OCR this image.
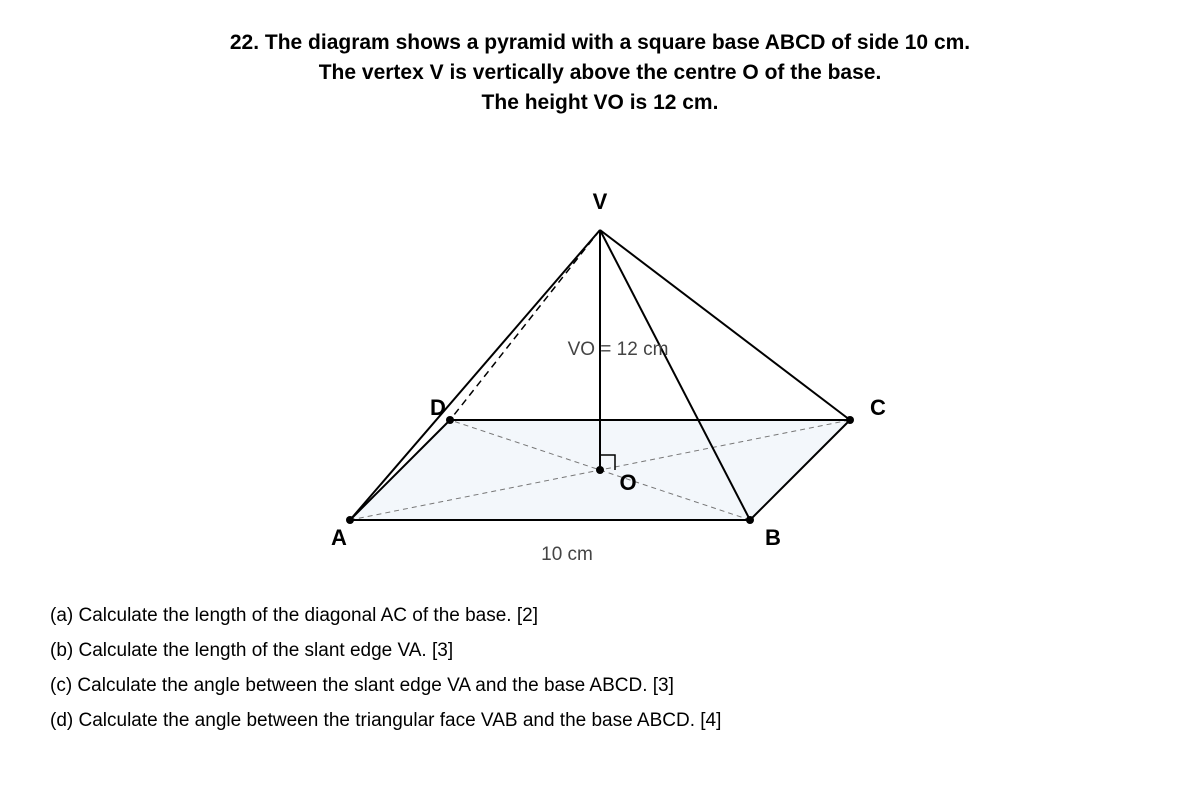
22. The diagram shows a pyramid with a square base ABCD of side 10 cm.
The vertex V is vertically above the centre O of the base.
The height VO is 12 cm.
V
A	B
C
D
O
VO = 12 cm
10 cm
(a) Calculate the length of the diagonal AC of the base. [2]
(b) Calculate the length of the slant edge VA. [3]
(c) Calculate the angle between the slant edge VA and the base ABCD. [3]
(d) Calculate the angle between the triangular face VAB and the base ABCD. [4]
